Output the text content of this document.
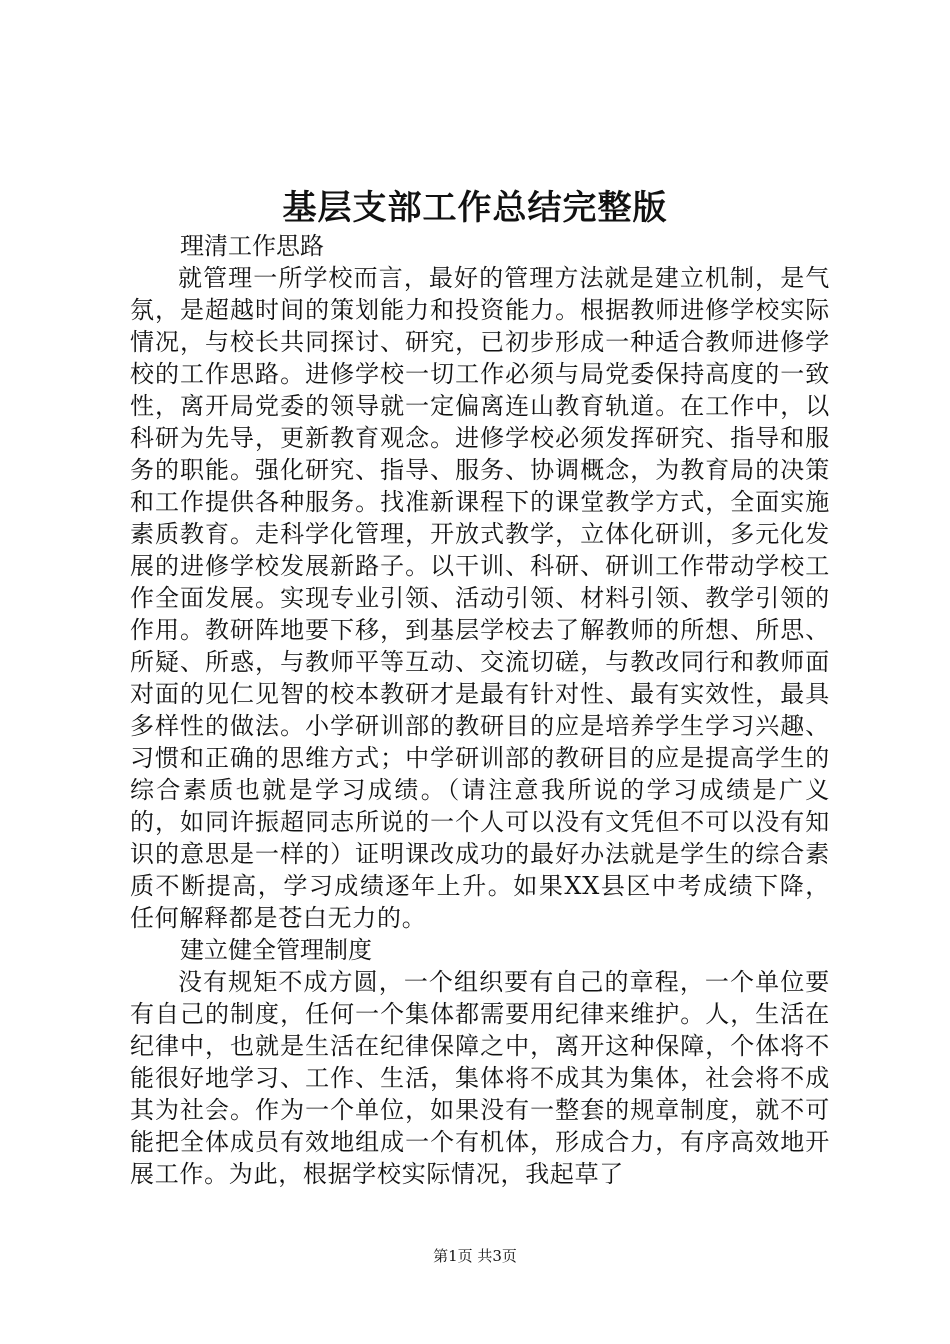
基层支部工作总结完整版

理清工作思路

就管理一所学校而言，最好的管理方法就是建立机制，是气氛，是超越时间的策划能力和投资能力。根据教师进修学校实际情况，与校长共同探讨、研究，已初步形成一种适合教师进修学校的工作思路。进修学校一切工作必须与局党委保持高度的一致性，离开局党委的领导就一定偏离连山教育轨道。在工作中，以科研为先导，更新教育观念。进修学校必须发挥研究、指导和服务的职能。强化研究、指导、服务、协调概念，为教育局的决策和工作提供各种服务。找准新课程下的课堂教学方式，全面实施素质教育。走科学化管理，开放式教学，立体化研训，多元化发展的进修学校发展新路子。以干训、科研、研训工作带动学校工作全面发展。实现专业引领、活动引领、材料引领、教学引领的作用。教研阵地要下移，到基层学校去了解教师的所想、所思、所疑、所惑，与教师平等互动、交流切磋，与教改同行和教师面对面的见仁见智的校本教研才是最有针对性、最有实效性，最具多样性的做法。小学研训部的教研目的应是培养学生学习兴趣、习惯和正确的思维方式；中学研训部的教研目的应是提高学生的综合素质也就是学习成绩。（请注意我所说的学习成绩是广义的，如同许振超同志所说的一个人可以没有文凭但不可以没有知识的意思是一样的）证明课改成功的最好办法就是学生的综合素质不断提高，学习成绩逐年上升。如果XX县区中考成绩下降，任何解释都是苍白无力的。

建立健全管理制度

没有规矩不成方圆，一个组织要有自己的章程，一个单位要有自己的制度，任何一个集体都需要用纪律来维护。人，生活在纪律中，也就是生活在纪律保障之中，离开这种保障，个体将不能很好地学习、工作、生活，集体将不成其为集体，社会将不成其为社会。作为一个单位，如果没有一整套的规章制度，就不可能把全体成员有效地组成一个有机体，形成合力，有序高效地开展工作。为此，根据学校实际情况，我起草了

第1页 共3页
